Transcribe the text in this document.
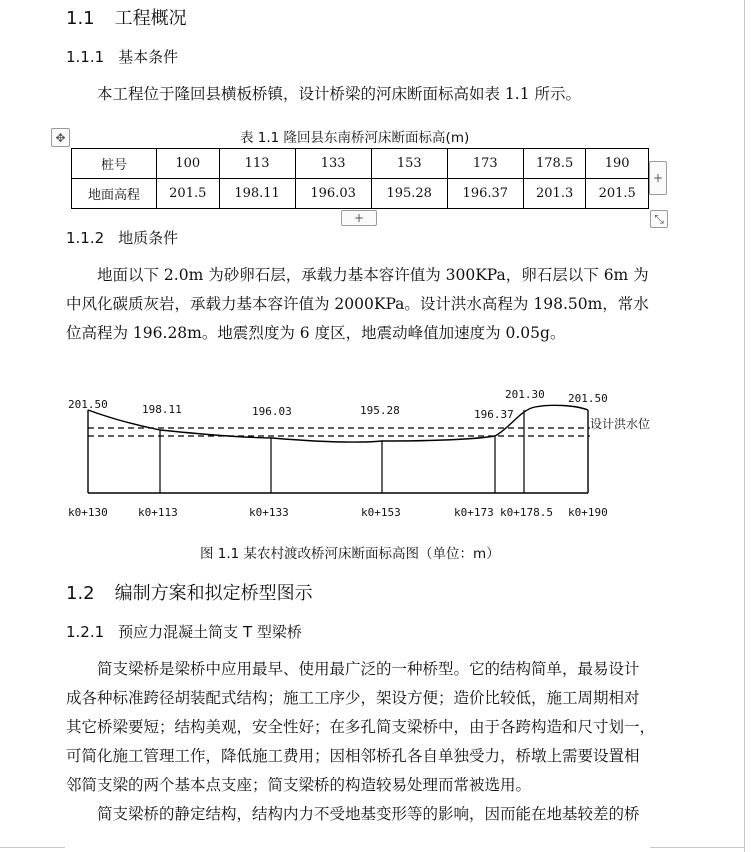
1.1 工程概况
1.1.1 基本条件
本工程位于隆回县横板桥镇，设计桥梁的河床断面标高如表 1.1 所示。
表 1.1 隆回县东南桥河床断面标高(m)
✥
桩号	100	113	133	153	173	178.5	190
地面高程	201.5	198.11	196.03	195.28	196.37	201.3	201.5
+
+	⤡
1.1.2 地质条件
地面以下 2.0m 为砂卵石层，承载力基本容许值为 300KPa，卵石层以下 6m 为
中风化碳质灰岩，承载力基本容许值为 2000KPa。设计洪水高程为 198.50m，常水
位高程为 196.28m。地震烈度为 6 度区，地震动峰值加速度为 0.05g。
201.50	198.11	196.03	195.28	196.37
201.30 201.50
设计洪水位
k0+130	k0+113	k0+133	k0+153	k0+173 k0+178.5 k0+190
图 1.1 某农村渡改桥河床断面标高图（单位：m）
1.2 编制方案和拟定桥型图示
1.2.1 预应力混凝土简支 T 型梁桥
简支梁桥是梁桥中应用最早、使用最广泛的一种桥型。它的结构简单，最易设计
成各种标准跨径胡装配式结构；施工工序少，架设方便；造价比较低，施工周期相对
其它桥梁要短；结构美观，安全性好；在多孔简支梁桥中，由于各跨构造和尺寸划一，
可简化施工管理工作，降低施工费用；因相邻桥孔各自单独受力，桥墩上需要设置相
邻简支梁的两个基本点支座；简支梁桥的构造较易处理而常被选用。
简支梁桥的静定结构，结构内力不受地基变形等的影响，因而能在地基较差的桥
